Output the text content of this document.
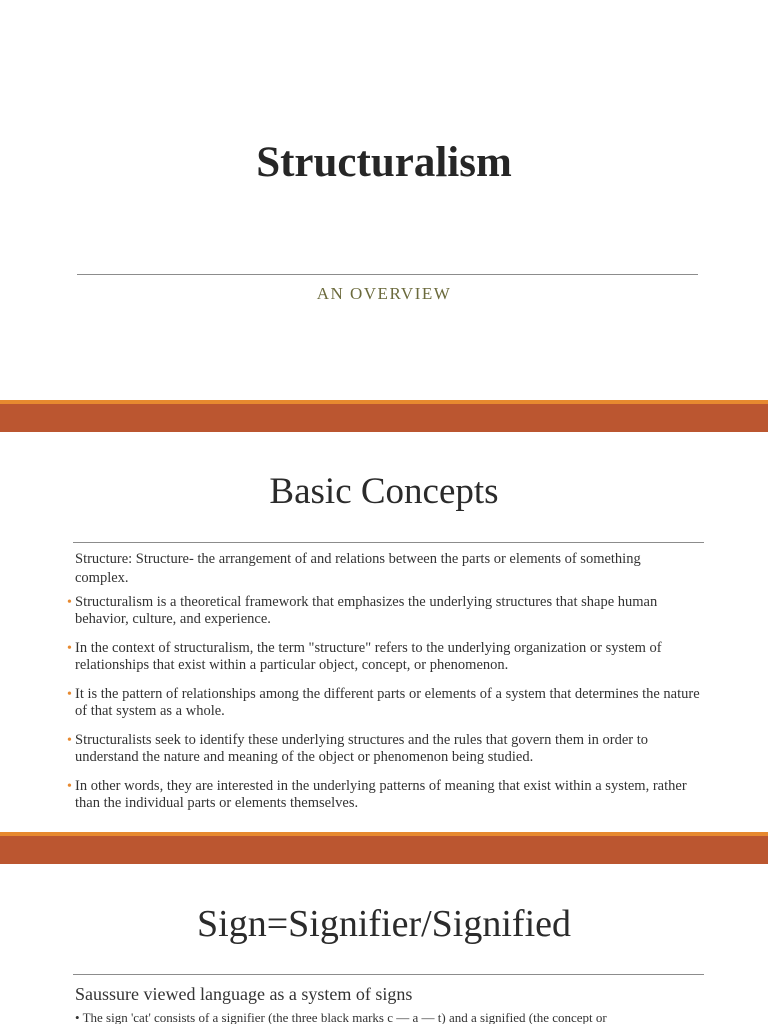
Structuralism

AN OVERVIEW

Basic Concepts
Structure: Structure- the arrangement of and relations between the parts or elements of something complex.
• Structuralism is a theoretical framework that emphasizes the underlying structures that shape human behavior, culture, and experience.
• In the context of structuralism, the term "structure" refers to the underlying organization or system of relationships that exist within a particular object, concept, or phenomenon.
• It is the pattern of relationships among the different parts or elements of a system that determines the nature of that system as a whole.
• Structuralists seek to identify these underlying structures and the rules that govern them in order to understand the nature and meaning of the object or phenomenon being studied.
• In other words, they are interested in the underlying patterns of meaning that exist within a system, rather than the individual parts or elements themselves.
Sign=Signifier/Signified

Saussure viewed language as a system of signs

• The sign 'cat' consists of a signifier (the three black marks c — a — t) and a signified (the concept or
